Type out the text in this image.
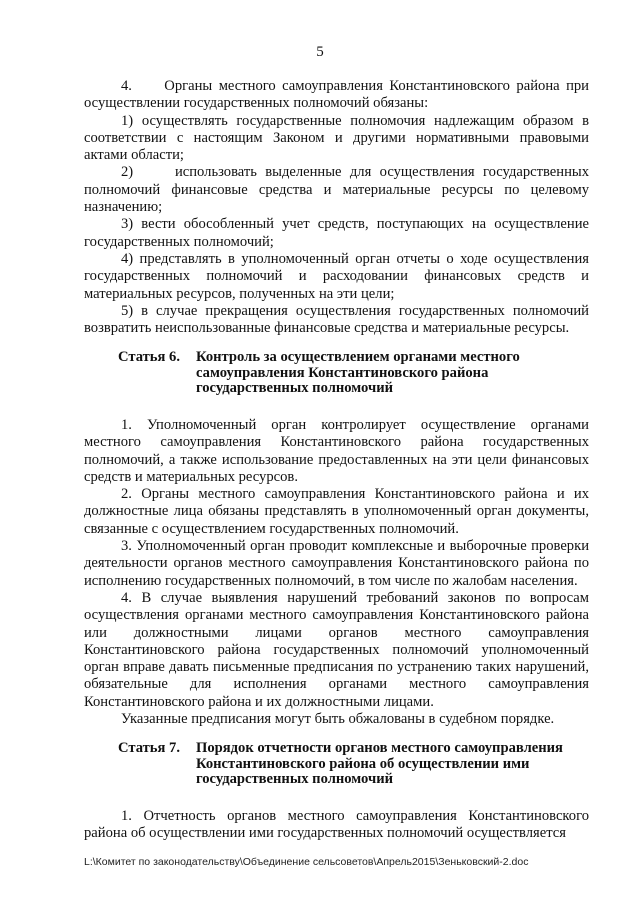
5

4.     Органы местного самоуправления Константиновского района при осуществлении государственных полномочий обязаны:

1) осуществлять государственные полномочия надлежащим образом в соответствии с настоящим Законом и другими нормативными правовыми актами области;

2)     использовать выделенные для осуществления государственных полномочий финансовые средства и материальные ресурсы по целевому назначению;

3) вести обособленный учет средств, поступающих на осуществление государственных полномочий;

4) представлять в уполномоченный орган отчеты о ходе осуществления государственных полномочий и расходовании финансовых средств и материальных ресурсов, полученных на эти цели;

5) в случае прекращения осуществления государственных полномочий возвратить неиспользованные финансовые средства и материальные ресурсы.

Статья 6. Контроль за осуществлением органами местного самоуправления Константиновского района государственных полномочий

1. Уполномоченный орган контролирует осуществление органами местного самоуправления Константиновского района государственных полномочий, а также использование предоставленных на эти цели финансовых средств и материальных ресурсов.

2. Органы местного самоуправления Константиновского района и их должностные лица обязаны представлять в уполномоченный орган документы, связанные с осуществлением государственных полномочий.

3. Уполномоченный орган проводит комплексные и выборочные проверки деятельности органов местного самоуправления Константиновского района по исполнению государственных полномочий, в том числе по жалобам населения.

4. В случае выявления нарушений требований законов по вопросам осуществления органами местного самоуправления Константиновского района или должностными лицами органов местного самоуправления Константиновского района государственных полномочий уполномоченный орган вправе давать письменные предписания по устранению таких нарушений, обязательные для исполнения органами местного самоуправления Константиновского района и их должностными лицами.

Указанные предписания могут быть обжалованы в судебном порядке.

Статья 7. Порядок отчетности органов местного самоуправления Константиновского района об осуществлении ими государственных полномочий

1. Отчетность органов местного самоуправления Константиновского района об осуществлении ими государственных полномочий осуществляется

L:\Комитет по законодательству\Объединение сельсоветов\Апрель2015\Зеньковский-2.doc
